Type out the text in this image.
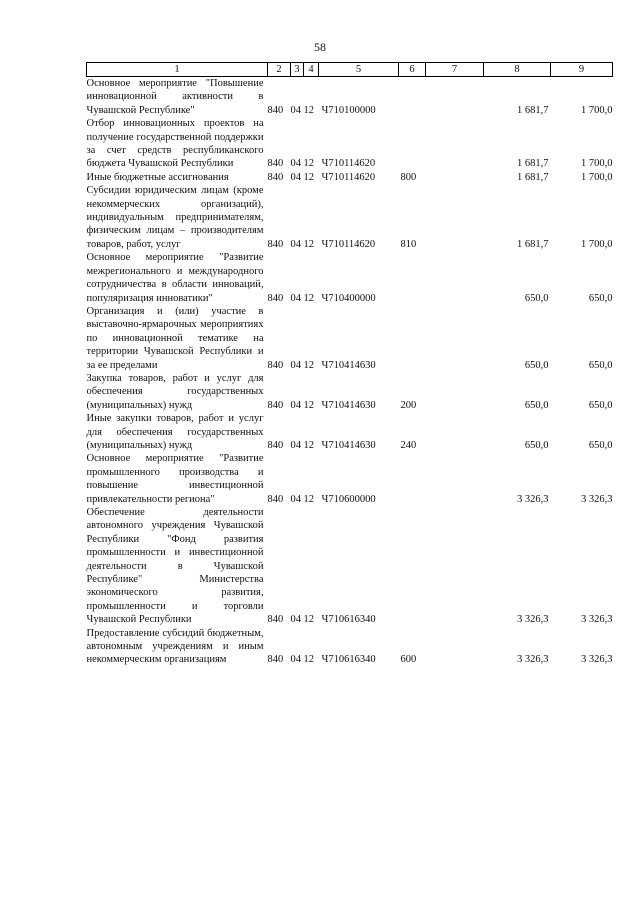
58
1	2	3	4	5	6	7	8	9
Основное мероприятие "Повышение инновационной активности в Чувашской Республике"	840	04	12	Ч710100000			1 681,7	1 700,0
Отбор инновационных проектов на получение государственной поддержки за счет средств республиканского бюджета Чувашской Республики	840	04	12	Ч710114620			1 681,7	1 700,0
Иные бюджетные ассигнования	840	04	12	Ч710114620	800		1 681,7	1 700,0
Субсидии юридическим лицам (кроме некоммерческих организаций), индивидуальным предпринимателям, физическим лицам – производителям товаров, работ, услуг	840	04	12	Ч710114620	810		1 681,7	1 700,0
Основное мероприятие "Развитие межрегионального и международного сотрудничества в области инноваций, популяризация инноватики"	840	04	12	Ч710400000			650,0	650,0
Организация и (или) участие в выставочно-ярмарочных мероприятиях по инновационной тематике на территории Чувашской Республики и за ее пределами	840	04	12	Ч710414630			650,0	650,0
Закупка товаров, работ и услуг для обеспечения государственных (муниципальных) нужд	840	04	12	Ч710414630	200		650,0	650,0
Иные закупки товаров, работ и услуг для обеспечения государственных (муниципальных) нужд	840	04	12	Ч710414630	240		650,0	650,0
Основное мероприятие "Развитие промышленного производства и повышение инвестиционной привлекательности региона"	840	04	12	Ч710600000			3 326,3	3 326,3
Обеспечение деятельности автономного учреждения Чувашской Республики "Фонд развития промышленности и инвестиционной деятельности в Чувашской Республике" Министерства экономического развития, промышленности и торговли Чувашской Республики	840	04	12	Ч710616340			3 326,3	3 326,3
Предоставление субсидий бюджетным, автономным учреждениям и иным некоммерческим организациям	840	04	12	Ч710616340	600		3 326,3	3 326,3
